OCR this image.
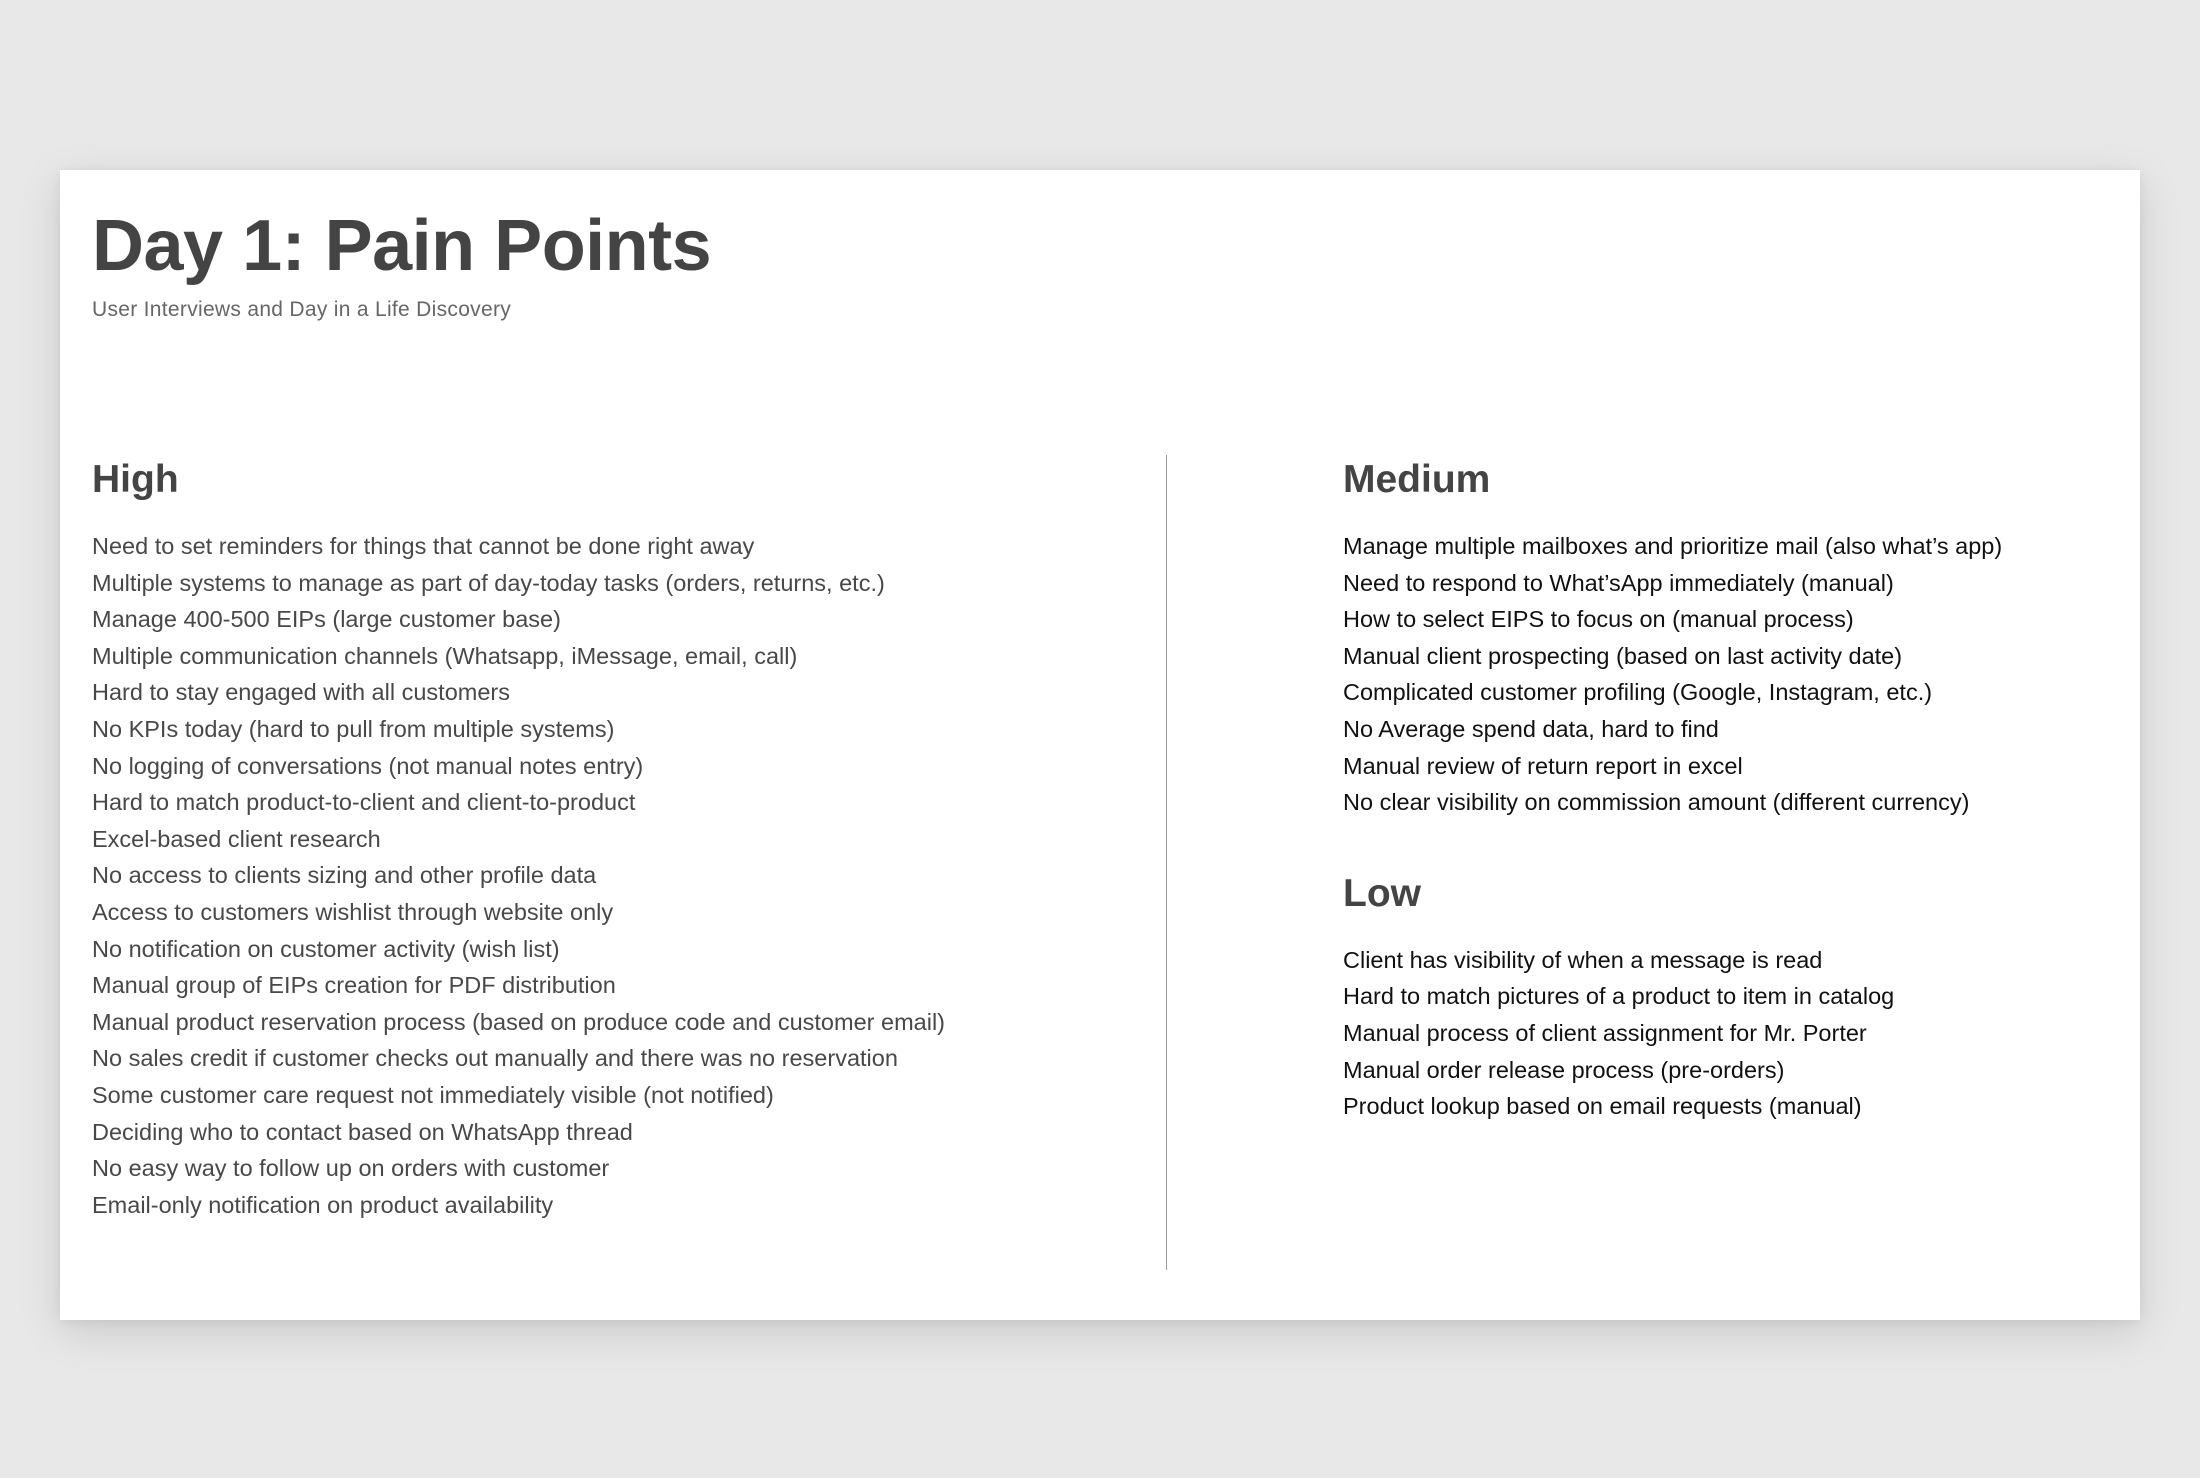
Day 1: Pain Points

User Interviews and Day in a Life Discovery

High
Need to set reminders for things that cannot be done right away
Multiple systems to manage as part of day-today tasks (orders, returns, etc.)
Manage 400-500 EIPs (large customer base)
Multiple communication channels (Whatsapp, iMessage, email, call)
Hard to stay engaged with all customers
No KPIs today (hard to pull from multiple systems)
No logging of conversations (not manual notes entry)
Hard to match product-to-client and client-to-product
Excel-based client research
No access to clients sizing and other profile data
Access to customers wishlist through website only
No notification on customer activity (wish list)
Manual group of EIPs creation for PDF distribution
Manual product reservation process (based on produce code and customer email)
No sales credit if customer checks out manually and there was no reservation
Some customer care request not immediately visible (not notified)
Deciding who to contact based on WhatsApp thread
No easy way to follow up on orders with customer
Email-only notification on product availability
Medium
Manage multiple mailboxes and prioritize mail (also what’s app)
Need to respond to What’sApp immediately (manual)
How to select EIPS to focus on (manual process)
Manual client prospecting (based on last activity date)
Complicated customer profiling (Google, Instagram, etc.)
No Average spend data, hard to find
Manual review of return report in excel
No clear visibility on commission amount (different currency)
Low
Client has visibility of when a message is read
Hard to match pictures of a product to item in catalog
Manual process of client assignment for Mr. Porter
Manual order release process (pre-orders)
Product lookup based on email requests (manual)
